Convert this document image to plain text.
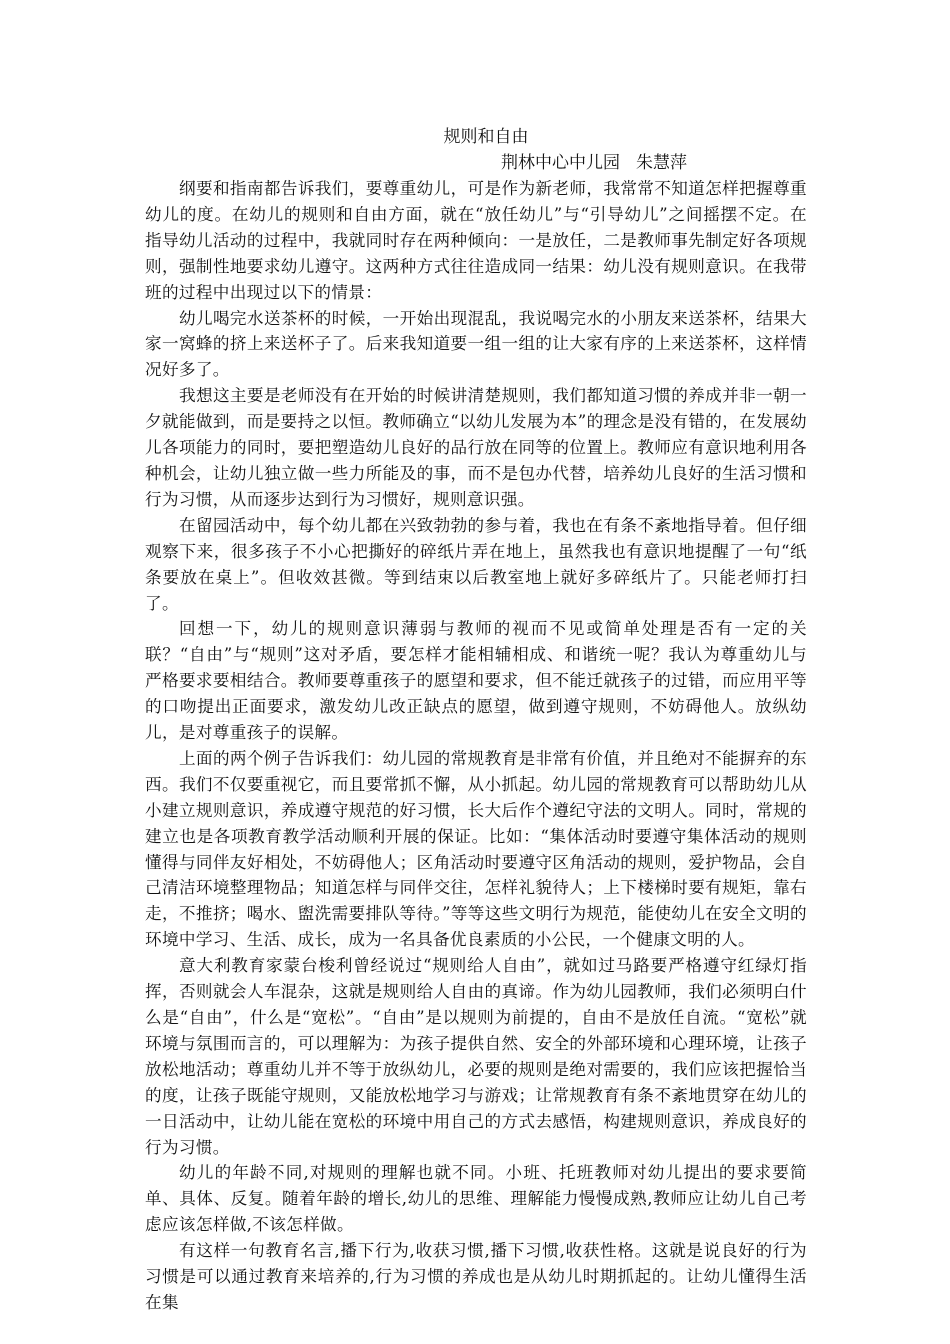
规则和自由

荆林中心中儿园 朱慧萍

纲要和指南都告诉我们，要尊重幼儿，可是作为新老师，我常常不知道怎样把握尊重幼儿的度。在幼儿的规则和自由方面，就在“放任幼儿”与“引导幼儿”之间摇摆不定。在指导幼儿活动的过程中，我就同时存在两种倾向：一是放任，二是教师事先制定好各项规则，强制性地要求幼儿遵守。这两种方式往往造成同一结果：幼儿没有规则意识。在我带班的过程中出现过以下的情景：

幼儿喝完水送茶杯的时候，一开始出现混乱，我说喝完水的小朋友来送茶杯，结果大家一窝蜂的挤上来送杯子了。后来我知道要一组一组的让大家有序的上来送茶杯，这样情况好多了。

我想这主要是老师没有在开始的时候讲清楚规则，我们都知道习惯的养成并非一朝一夕就能做到，而是要持之以恒。教师确立“以幼儿发展为本”的理念是没有错的，在发展幼儿各项能力的同时，要把塑造幼儿良好的品行放在同等的位置上。教师应有意识地利用各种机会，让幼儿独立做一些力所能及的事，而不是包办代替，培养幼儿良好的生活习惯和行为习惯，从而逐步达到行为习惯好，规则意识强。

在留园活动中，每个幼儿都在兴致勃勃的参与着，我也在有条不紊地指导着。但仔细观察下来，很多孩子不小心把撕好的碎纸片弄在地上，虽然我也有意识地提醒了一句“纸条要放在桌上”。但收效甚微。等到结束以后教室地上就好多碎纸片了。只能老师打扫了。

回想一下，幼儿的规则意识薄弱与教师的视而不见或简单处理是否有一定的关联？“自由”与“规则”这对矛盾，要怎样才能相辅相成、和谐统一呢？我认为尊重幼儿与严格要求要相结合。教师要尊重孩子的愿望和要求，但不能迁就孩子的过错，而应用平等的口吻提出正面要求，激发幼儿改正缺点的愿望，做到遵守规则，不妨碍他人。放纵幼儿，是对尊重孩子的误解。

上面的两个例子告诉我们：幼儿园的常规教育是非常有价值，并且绝对不能摒弃的东西。我们不仅要重视它，而且要常抓不懈，从小抓起。幼儿园的常规教育可以帮助幼儿从小建立规则意识，养成遵守规范的好习惯，长大后作个遵纪守法的文明人。同时，常规的建立也是各项教育教学活动顺利开展的保证。比如：“集体活动时要遵守集体活动的规则懂得与同伴友好相处，不妨碍他人；区角活动时要遵守区角活动的规则，爱护物品，会自己清洁环境整理物品；知道怎样与同伴交往，怎样礼貌待人；上下楼梯时要有规矩，靠右走，不推挤；喝水、盥洗需要排队等待。”等等这些文明行为规范，能使幼儿在安全文明的环境中学习、生活、成长，成为一名具备优良素质的小公民，一个健康文明的人。

意大利教育家蒙台梭利曾经说过“规则给人自由”，就如过马路要严格遵守红绿灯指挥，否则就会人车混杂，这就是规则给人自由的真谛。作为幼儿园教师，我们必须明白什么是“自由”，什么是“宽松”。“自由”是以规则为前提的，自由不是放任自流。“宽松”就环境与氛围而言的，可以理解为：为孩子提供自然、安全的外部环境和心理环境，让孩子放松地活动；尊重幼儿并不等于放纵幼儿，必要的规则是绝对需要的，我们应该把握恰当的度，让孩子既能守规则，又能放松地学习与游戏；让常规教育有条不紊地贯穿在幼儿的一日活动中，让幼儿能在宽松的环境中用自己的方式去感悟，构建规则意识，养成良好的行为习惯。

幼儿的年龄不同,对规则的理解也就不同。小班、托班教师对幼儿提出的要求要简单、具体、反复。随着年龄的增长,幼儿的思维、理解能力慢慢成熟,教师应让幼儿自己考虑应该怎样做,不该怎样做。

有这样一句教育名言,播下行为,收获习惯,播下习惯,收获性格。这就是说良好的行为习惯是可以通过教育来培养的,行为习惯的养成也是从幼儿时期抓起的。让幼儿懂得生活在集
